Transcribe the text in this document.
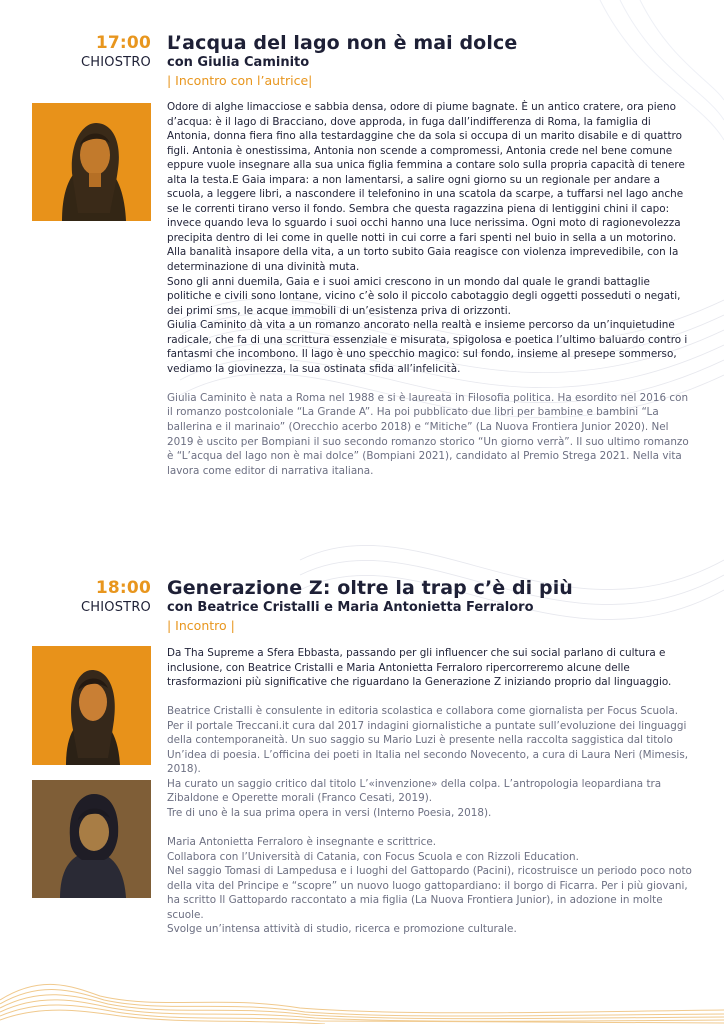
17:00
CHIOSTRO
L’acqua del lago non è mai dolce
con Giulia Caminito
| Incontro con l’autrice|

Odore di alghe limacciose e sabbia densa, odore di piume bagnate. È un antico cratere, ora pieno d’acqua: è il lago di Bracciano, dove approda, in fuga dall’indifferenza di Roma, la famiglia di Antonia, donna fiera fino alla testardaggine che da sola si occupa di un marito disabile e di quattro figli. Antonia è onestissima, Antonia non scende a compromessi, Antonia crede nel bene comune eppure vuole insegnare alla sua unica figlia femmina a contare solo sulla propria capacità di tenere alta la testa.E Gaia impara: a non lamentarsi, a salire ogni giorno su un regionale per andare a scuola, a leggere libri, a nascondere il telefonino in una scatola da scarpe, a tuffarsi nel lago anche se le correnti tirano verso il fondo. Sembra che questa ragazzina piena di lentiggini chini il capo: invece quando leva lo sguardo i suoi occhi hanno una luce nerissima. Ogni moto di ragionevolezza precipita dentro di lei come in quelle notti in cui corre a fari spenti nel buio in sella a un motorino. Alla banalità insapore della vita, a un torto subito Gaia reagisce con violenza imprevedibile, con la determinazione di una divinità muta.

Sono gli anni duemila, Gaia e i suoi amici crescono in un mondo dal quale le grandi battaglie politiche e civili sono lontane, vicino c’è solo il piccolo cabotaggio degli oggetti posseduti o negati, dei primi sms, le acque immobili di un’esistenza priva di orizzonti.

Giulia Caminito dà vita a un romanzo ancorato nella realtà e insieme percorso da un’inquietudine radicale, che fa di una scrittura essenziale e misurata, spigolosa e poetica l’ultimo baluardo contro i fantasmi che incombono. Il lago è uno specchio magico: sul fondo, insieme al presepe sommerso, vediamo la giovinezza, la sua ostinata sfida all’infelicità.

Giulia Caminito è nata a Roma nel 1988 e si è laureata in Filosofia politica. Ha esordito nel 2016 con il romanzo postcoloniale “La Grande A”. Ha poi pubblicato due libri per bambine e bambini “La ballerina e il marinaio” (Orecchio acerbo 2018) e “Mitiche” (La Nuova Frontiera Junior 2020). Nel 2019 è uscito per Bompiani il suo secondo romanzo storico “Un giorno verrà”. Il suo ultimo romanzo è “L’acqua del lago non è mai dolce” (Bompiani 2021), candidato al Premio Strega 2021. Nella vita lavora come editor di narrativa italiana.

18:00
CHIOSTRO
Generazione Z: oltre la trap c’è di più
con Beatrice Cristalli e Maria Antonietta Ferraloro
| Incontro |

Da Tha Supreme a Sfera Ebbasta, passando per gli influencer che sui social parlano di cultura e inclusione, con Beatrice Cristalli e Maria Antonietta Ferraloro ripercorreremo alcune delle trasformazioni più significative che riguardano la Generazione Z iniziando proprio dal linguaggio.

Beatrice Cristalli è consulente in editoria scolastica e collabora come giornalista per Focus Scuola. Per il portale Treccani.it cura dal 2017 indagini giornalistiche a puntate sull’evoluzione dei linguaggi della contemporaneità. Un suo saggio su Mario Luzi è presente nella raccolta saggistica dal titolo Un’idea di poesia. L’officina dei poeti in Italia nel secondo Novecento, a cura di Laura Neri (Mimesis, 2018).

Ha curato un saggio critico dal titolo L’«invenzione» della colpa. L’antropologia leopardiana tra Zibaldone e Operette morali (Franco Cesati, 2019).

Tre di uno è la sua prima opera in versi (Interno Poesia, 2018).

Maria Antonietta Ferraloro è insegnante e scrittrice.

Collabora con l’Università di Catania, con Focus Scuola e con Rizzoli Education.

Nel saggio Tomasi di Lampedusa e i luoghi del Gattopardo (Pacini), ricostruisce un periodo poco noto della vita del Principe e “scopre” un nuovo luogo gattopardiano: il borgo di Ficarra. Per i più giovani, ha scritto Il Gattopardo raccontato a mia figlia (La Nuova Frontiera Junior), in adozione in molte scuole.

Svolge un’intensa attività di studio, ricerca e promozione culturale.
